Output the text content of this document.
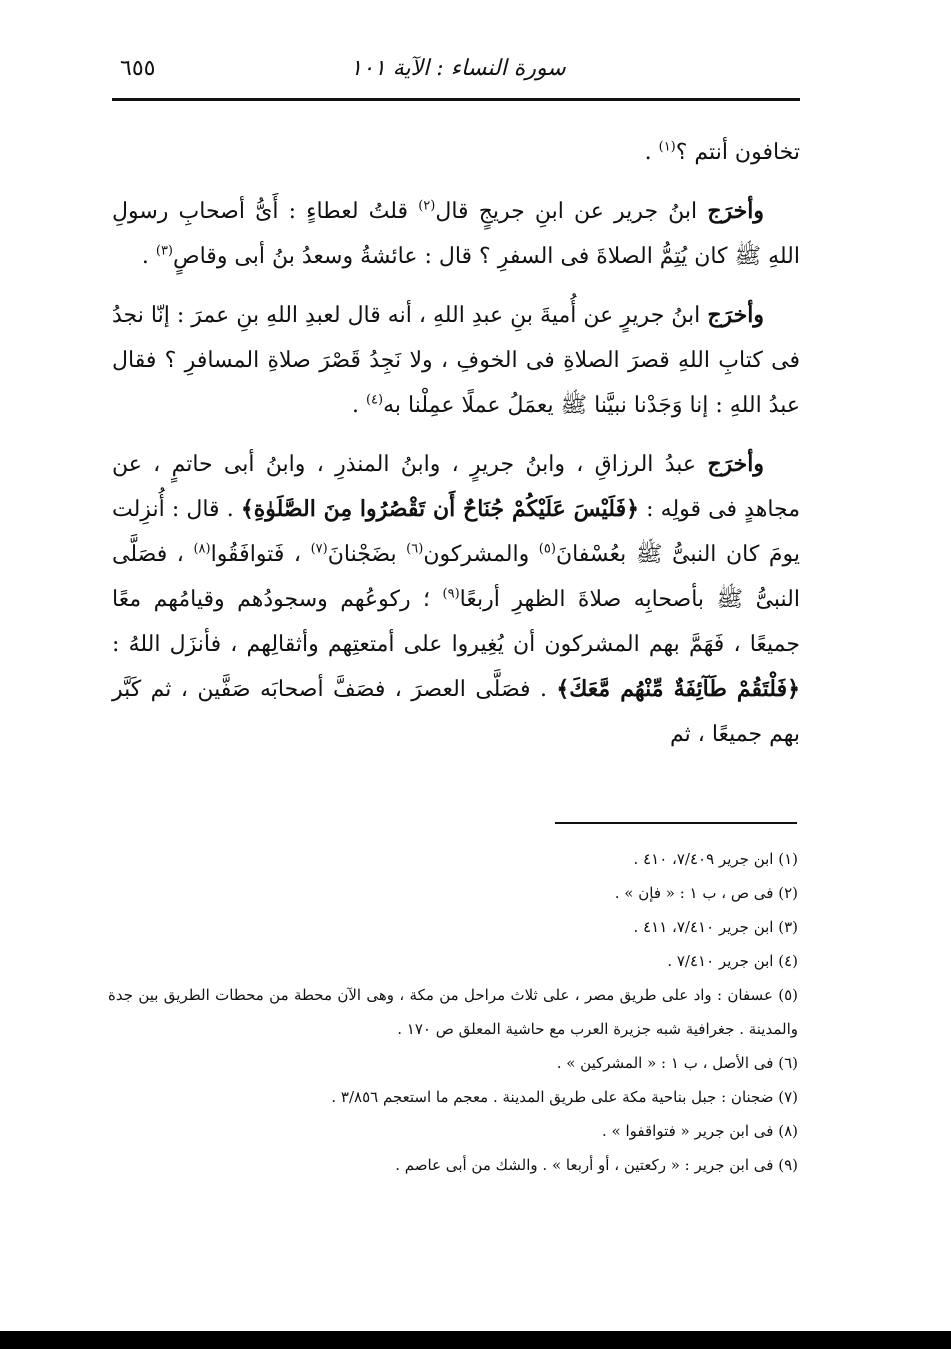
٦٥٥	سورة النساء : الآية ١٠١

تخافون أنتم ؟$^{(١)}$ .

وأخرَج ابنُ جرير عن ابنِ جريجٍ قال$^{(٢)}$ قلتُ لعطاءٍ : أَىُّ أصحابِ رسولِ اللهِ ﷺ كان يُتِمُّ الصلاةَ فى السفرِ ؟ قال : عائشةُ وسعدُ بنُ أبى وقاصٍ$^{(٣)}$ .

وأخرَج ابنُ جريرٍ عن أُميةَ بنِ عبدِ اللهِ ، أنه قال لعبدِ اللهِ بنِ عمرَ : إنّا نجدُ فى كتابِ اللهِ قصرَ الصلاةِ فى الخوفِ ، ولا نَجِدُ قَصْرَ صلاةِ المسافرِ ؟ فقال عبدُ اللهِ : إنا وَجَدْنا نبيَّنا ﷺ يعمَلُ عملًا عمِلْنا به$^{(٤)}$ .

وأخرَج عبدُ الرزاقِ ، وابنُ جريرٍ ، وابنُ المنذرِ ، وابنُ أبى حاتمٍ ، عن مجاهدٍ فى قولِه : ﴿فَلَيْسَ عَلَيْكُمْ جُنَاحٌ أَن تَقْصُرُوا مِنَ الصَّلَوٰةِ﴾ . قال : أُنزِلت يومَ كان النبىُّ ﷺ بعُسْفانَ$^{(٥)}$ والمشركون$^{(٦)}$ بضَجْنانَ$^{(٧)}$ ، فَتوافَقُوا$^{(٨)}$ ، فصَلَّى النبىُّ ﷺ بأصحابِه صلاةَ الظهرِ أربعًا$^{(٩)}$ ؛ ركوعُهم وسجودُهم وقيامُهم معًا جميعًا ، فَهَمَّ بهم المشركون أن يُغِيروا على أمتعتِهم وأثقالِهم ، فأنزَل اللهُ : ﴿فَلْتَقُمْ طَآئِفَةٌ مِّنْهُم مَّعَكَ﴾ . فصَلَّى العصرَ ، فصَفَّ أصحابَه صَفَّين ، ثم كَبَّر بهم جميعًا ، ثم

(١) ابن جرير ٧/٤٠٩، ٤١٠ .
(٢) فى ص ، ب ١ : « فإن » .
(٣) ابن جرير ٧/٤١٠، ٤١١ .
(٤) ابن جرير ٧/٤١٠ .
(٥) عسفان : واد على طريق مصر ، على ثلاث مراحل من مكة ، وهى الآن محطة من محطات الطريق بين جدة والمدينة . جغرافية شبه جزيرة العرب مع حاشية المعلق ص ١٧٠ .
(٦) فى الأصل ، ب ١ : « المشركين » .
(٧) ضجنان : جبل بناحية مكة على طريق المدينة . معجم ما استعجم ٣/٨٥٦ .
(٨) فى ابن جرير « فتواقفوا » .
(٩) فى ابن جرير : « ركعتين ، أو أربعا » . والشك من أبى عاصم .
